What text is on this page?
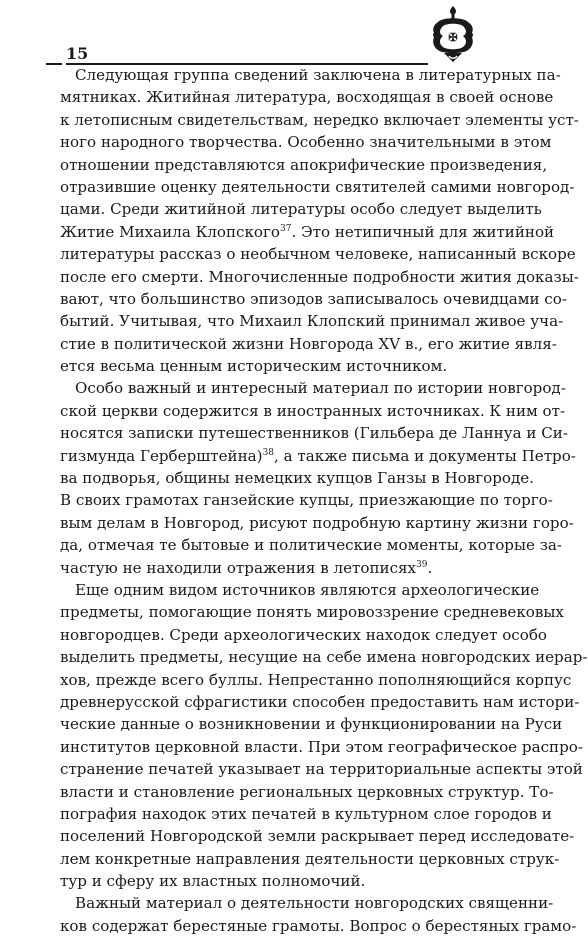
15
✠
Следующая группа сведений заключена в литературных па-
мятниках. Житийная литература, восходящая в своей основе
к летописным свидетельствам, нередко включает элементы уст-
ного народного творчества. Особенно значительными в этом
отношении представляются апокрифические произведения,
отразившие оценку деятельности святителей самими новгород-
цами. Среди житийной литературы особо следует выделить
Житие Михаила Клопского$^{37}$. Это нетипичный для житийной
литературы рассказ о необычном человеке, написанный вскоре
после его смерти. Многочисленные подробности жития доказы-
вают, что большинство эпизодов записывалось очевидцами со-
бытий. Учитывая, что Михаил Клопский принимал живое уча-
стие в политической жизни Новгорода XV в., его житие явля-
ется весьма ценным историческим источником.
Особо важный и интересный материал по истории новгород-
ской церкви содержится в иностранных источниках. К ним от-
носятся записки путешественников (Гильбера де Ланнуа и Си-
гизмунда Герберштейна)$^{38}$, а также письма и документы Петро-
ва подворья, общины немецких купцов Ганзы в Новгороде.
В своих грамотах ганзейские купцы, приезжающие по торго-
вым делам в Новгород, рисуют подробную картину жизни горо-
да, отмечая те бытовые и политические моменты, которые за-
частую не находили отражения в летописях$^{39}$.
Еще одним видом источников являются археологические
предметы, помогающие понять мировоззрение средневековых
новгородцев. Среди археологических находок следует особо
выделить предметы, несущие на себе имена новгородских иерар-
хов, прежде всего буллы. Непрестанно пополняющийся корпус
древнерусской сфрагистики способен предоставить нам истори-
ческие данные о возникновении и функционировании на Руси
институтов церковной власти. При этом географическое распро-
странение печатей указывает на территориальные аспекты этой
власти и становление региональных церковных структур. То-
пография находок этих печатей в культурном слое городов и
поселений Новгородской земли раскрывает перед исследовате-
лем конкретные направления деятельности церковных струк-
тур и сферу их властных полномочий.
Важный материал о деятельности новгородских священни-
ков содержат берестяные грамоты. Вопрос о берестяных грамо-
